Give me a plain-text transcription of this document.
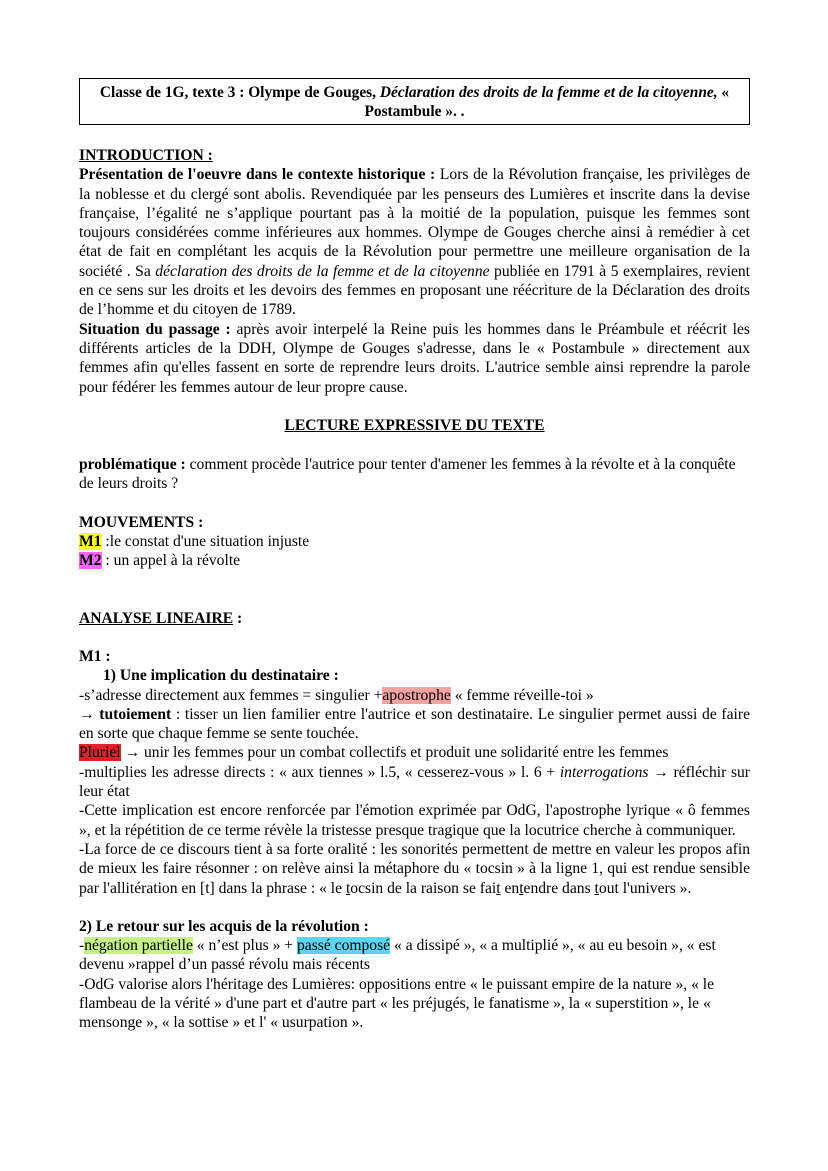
Classe de 1G, texte 3 : Olympe de Gouges, Déclaration des droits de la femme et de la citoyenne, « Postambule ». .

INTRODUCTION :

Présentation de l'oeuvre dans le contexte historique : Lors de la Révolution française, les privilèges de la noblesse et du clergé sont abolis. Revendiquée par les penseurs des Lumières et inscrite dans la devise française, l’égalité ne s’applique pourtant pas à la moitié de la population, puisque les femmes sont toujours considérées comme inférieures aux hommes. Olympe de Gouges cherche ainsi à remédier à cet état de fait en complétant les acquis de la Révolution pour permettre une meilleure organisation de la société . Sa déclaration des droits de la femme et de la citoyenne publiée en 1791 à 5 exemplaires, revient en ce sens sur les droits et les devoirs des femmes en proposant une réécriture de la Déclaration des droits de l’homme et du citoyen de 1789.

Situation du passage : après avoir interpelé la Reine puis les hommes dans le Préambule et réécrit les différents articles de la DDH, Olympe de Gouges s'adresse, dans le « Postambule » directement aux femmes afin qu'elles fassent en sorte de reprendre leurs droits. L'autrice semble ainsi reprendre la parole pour fédérer les femmes autour de leur propre cause.

LECTURE EXPRESSIVE DU TEXTE

problématique : comment procède l'autrice pour tenter d'amener les femmes à la révolte et à la conquête de leurs droits ?

MOUVEMENTS :

M1 :le constat d'une situation injuste

M2 : un appel à la révolte

ANALYSE LINEAIRE :

M1 :

1) Une implication du destinataire :

-s’adresse directement aux femmes = singulier +apostrophe « femme réveille-toi »

→ tutoiement : tisser un lien familier entre l'autrice et son destinataire. Le singulier permet aussi de faire en sorte que chaque femme se sente touchée.

Pluriel → unir les femmes pour un combat collectifs et produit une solidarité entre les femmes

-multiplies les adresse directs : « aux tiennes » l.5, « cesserez-vous » l. 6 + interrogations → réfléchir sur leur état

-Cette implication est encore renforcée par l'émotion exprimée par OdG, l'apostrophe lyrique « ô femmes », et la répétition de ce terme révèle la tristesse presque tragique que la locutrice cherche à communiquer.

-La force de ce discours tient à sa forte oralité : les sonorités permettent de mettre en valeur les propos afin de mieux les faire résonner : on relève ainsi la métaphore du « tocsin » à la ligne 1, qui est rendue sensible par l'allitération en [t] dans la phrase : « le tocsin de la raison se fait entendre dans tout l'univers ».

2) Le retour sur les acquis de la révolution :

-négation partielle « n’est plus » + passé composé « a dissipé », « a multiplié », « au eu besoin », « est devenu »rappel d’un passé révolu mais récents

-OdG valorise alors l'héritage des Lumières: oppositions entre « le puissant empire de la nature », « le flambeau de la vérité » d'une part et d'autre part « les préjugés, le fanatisme », la « superstition », le « mensonge », « la sottise » et l' « usurpation ».
